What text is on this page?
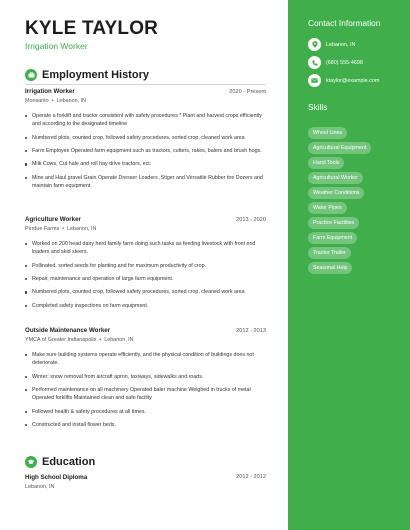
KYLE TAYLOR
Irrigation Worker
Employment History
Irrigation Worker	2020 - Present
Monsanto • Lebanon, IN
Operate a forklift and tractor consistent with safety procedures * Plant and harvest crops efficiently and according to the designated timeline
Numbered plots, counted crop, followed safety procedures, sorted crop, cleaned work area
Farm Employee Operated farm equipment such as tractors, cutters, rakes, balers and brush hogs.
Milk Cows, Cut hale and roll hay drive tractors, ect.
Mine and Haul gravel Grain Operate Dresser Loaders ,Stiger and Versatile Rubber tire Dozers and maintain farm equipment
Agriculture Worker	2013 - 2020
Perdue Farms • Lebanon, IN
Worked on 200 head dairy herd family farm doing such tasks as feeding livestock with front end loaders and skid steers.
Pollinated, sorted seeds for planting and for maximum productivity of crop.
Repair, maintenance and operation of large farm equipment.
Numbered plots, counted crop, followed safety procedures, sorted crop, cleaned work area
Completed safety inspections on farm equipment.
Outside Maintenance Worker	2012 - 2013
YMCA of Greater Indianapolis • Lebanon, IN
Make sure building systems operate efficiently, and the physical condition of buildings does not deteriorate.
Winter; snow removal from aircraft apron, taxiways, sidewalks and roads.
Performed maintenance on all machinery Operated baler machine Weighed in trucks of metal Operated forklifts Maintained clean and safe facility
Followed health & safety procedures at all times.
Constructed and install flower beds.
Education
High School Diploma	2012 - 2012
Lebanon, IN
Contact Information
Lebanon, IN
(680) 555-4698
ktaylor@example.com
Skills
Wheel Lines
Agricultural Equipment
Hand Tools
Agricultural Worker
Weather Conditions
Water Pipes
Practice Facilities
Farm Equipment
Tractor Trailer
Seasonal Help
